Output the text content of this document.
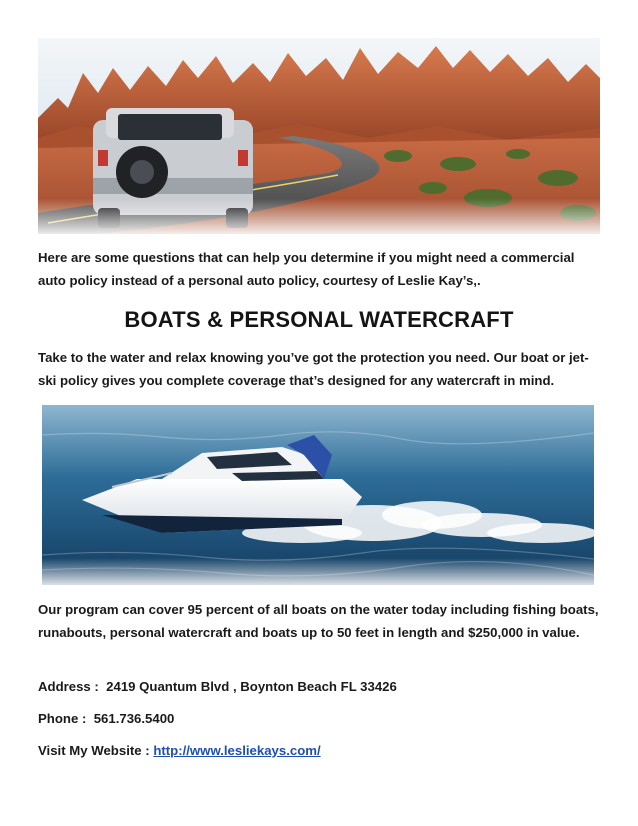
Here are some questions that can help you determine if you might need a commercial auto policy instead of a personal auto policy, courtesy of Leslie Kay’s,.

BOATS & PERSONAL WATERCRAFT

Take to the water and relax knowing you’ve got the protection you need. Our boat or jet-ski policy gives you complete coverage that’s designed for any watercraft in mind.

Our program can cover 95 percent of all boats on the water today including fishing boats, runabouts, personal watercraft and boats up to 50 feet in length and $250,000 in value.

Address : 2419 Quantum Blvd , Boynton Beach FL 33426

Phone : 561.736.5400

Visit My Website : http://www.lesliekays.com/
